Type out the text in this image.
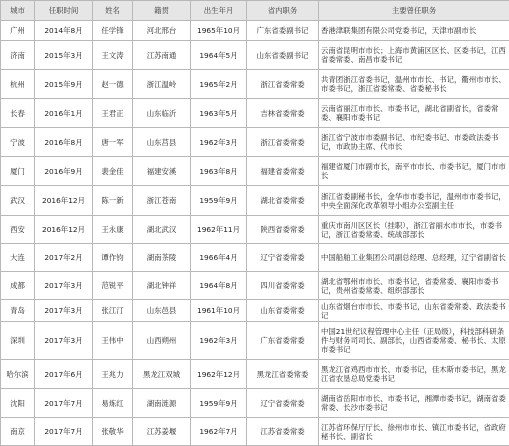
城市	任职时间	姓名	籍贯	出生年月	省内职务	主要曾任职务
广州	2014年8月	任学锋	河北邢台	1965年10月	广东省委副书记	香港津联集团有限公司党委书记，天津市副市长
济南	2015年3月	王文涛	江苏南通	1964年5月	山东省委副书记	云南省昆明市市长；上海市黄浦区区长、区委书记，江西省委常委、南昌市委书记
杭州	2015年9月	赵一德	浙江温岭	1965年2月	浙江省委常委	共青团浙江省委书记，温州市市长、书记，衢州市市长、市委书记，浙江省委常委、省委秘书长
长春	2016年1月	王君正	山东临沂	1963年5月	吉林省委常委	云南省丽江市市长、市委书记，湖北省副省长，省委常委、襄阳市委书记
宁波	2016年8月	唐一军	山东莒县	1962年3月	浙江省委常委	浙江省宁波市市委副书记、市纪委书记、市委政法委书记，市政协主席、代市长
厦门	2016年9月	裴金佳	福建安溪	1963年8月	福建省委常委	福建省厦门市副市长，南平市市长、市委书记，厦门市市长
武汉	2016年12月	陈一新	浙江苍南	1959年9月	湖北省委常委	浙江省委副秘书长，金华市市委书记，温州市市委书记，中央全面深化改革领导小组办公室副主任
西安	2016年12月	王永康	湖北武汉	1962年11月	陕西省委常委	重庆市南川区区长（挂职），浙江省丽水市市长，市委书记，浙江省委常委、统战部部长
大连	2017年2月	谭作钧	湖南茶陵	1966年4月	辽宁省委常委	中国船舶工业集团公司副总经理、总经理，辽宁省副省长
成都	2017年3月	范锐平	湖北钟祥	1964年8月	四川省委常委	湖北省鄂州市市长、市委书记，省委常委、襄阳市委书记，贵州省委常委、组织部部长
青岛	2017年3月	张江汀	山东邑县	1961年10月	山东省委常委	山东省烟台市市长、市委书记，山东省委常委、政法委书记
深圳	2017年3月	王伟中	山西朔州	1962年3月	广东省委常委	中国21世纪议程管理中心主任（正局级），科技部科研条件与财务司司长、副部长，山西省委常委、秘书长、太原市委书记
哈尔滨	2017年6月	王兆力	黑龙江双城	1962年12月	黑龙江省委常委	黑龙江省鸡西市市长、市委书记，佳木斯市委书记，黑龙江省农垦总局党委书记
沈阳	2017年7月	易炼红	湖南涟源	1959年9月	辽宁省委常委	湖南省岳阳市市长、市委书记，湘潭市委书记，湖南省委常委、长沙市委书记
南京	2017年7月	张敬华	江苏姜堰	1962年7月	江苏省委常委	江苏省环保厅厅长、徐州市市长、镇江市委书记，省政府秘书长、副省长
